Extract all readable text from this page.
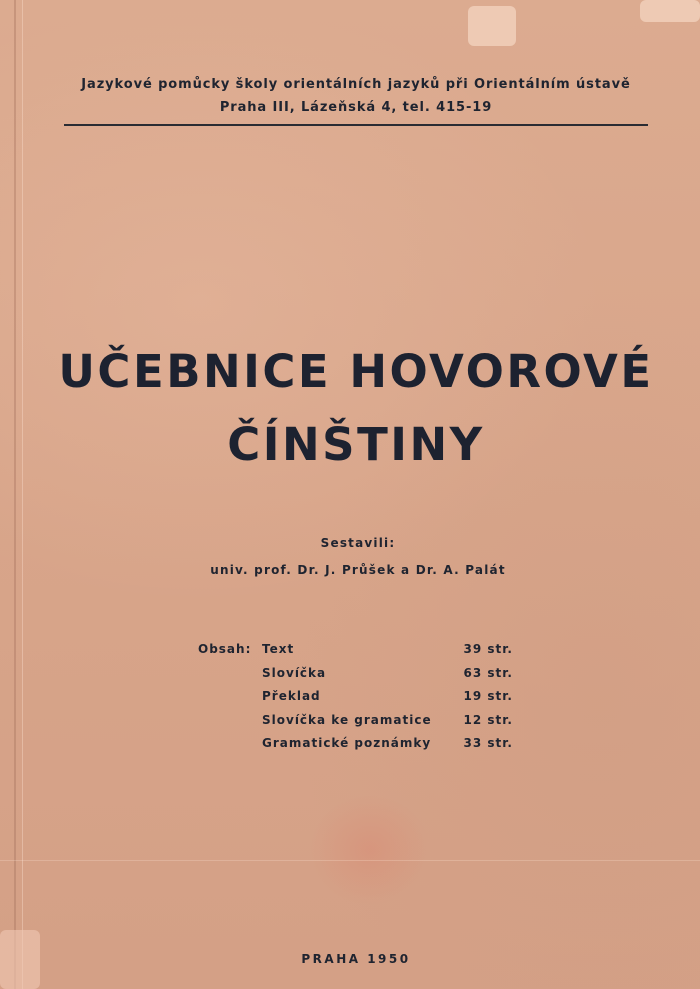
Jazykové pomůcky školy orientálních jazyků při Orientálním ústavě
Praha III, Lázeňská 4, tel. 415-19
UČEBNICE HOVOROVÉ
ČÍNŠTINY
Sestavili:
univ. prof. Dr. J. Průšek a Dr. A. Palát
Obsah: Text	39 str.
Slovíčka	63 str.
Překlad	19 str.
Slovíčka ke gramatice	12 str.
Gramatické poznámky	33 str.
PRAHA 1950
